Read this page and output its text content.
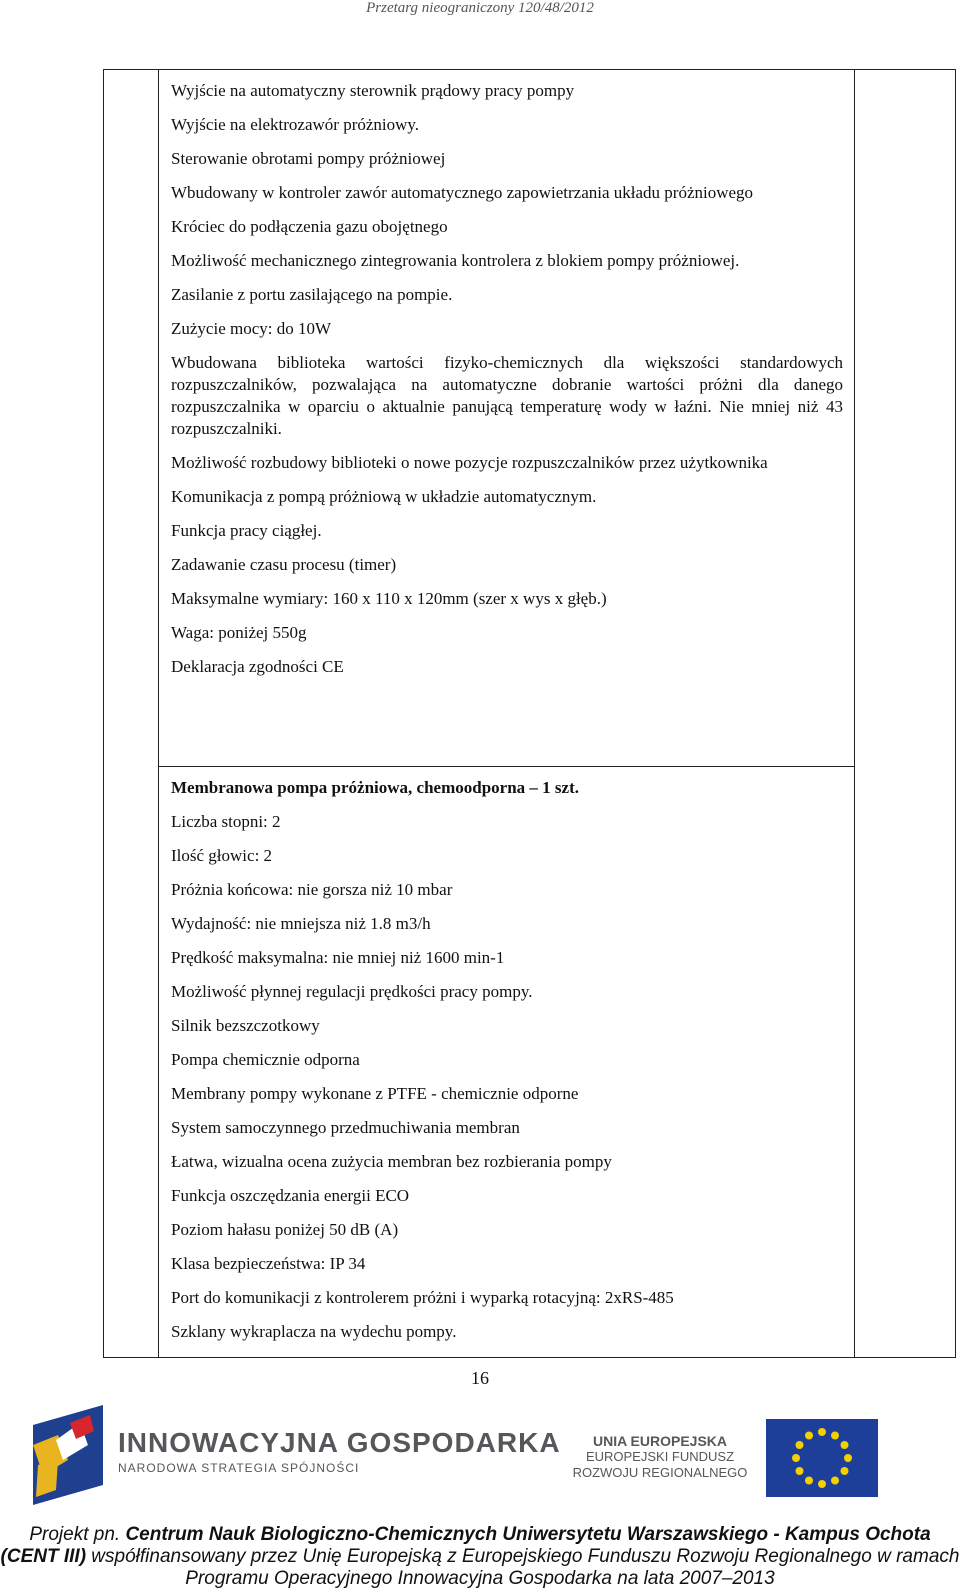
Przetarg nieograniczony 120/48/2012

Wyjście na automatyczny sterownik prądowy pracy pompy

Wyjście na elektrozawór próżniowy.

Sterowanie obrotami pompy próżniowej

Wbudowany w kontroler zawór automatycznego zapowietrzania układu próżniowego

Króciec do podłączenia gazu obojętnego

Możliwość mechanicznego zintegrowania kontrolera z blokiem pompy próżniowej.

Zasilanie z portu zasilającego na pompie.

Zużycie mocy: do 10W

Wbudowana biblioteka wartości fizyko-chemicznych dla większości standardowych rozpuszczalników, pozwalająca na automatyczne dobranie wartości próżni dla danego rozpuszczalnika w oparciu o aktualnie panującą temperaturę wody w łaźni. Nie mniej niż 43 rozpuszczalniki.

Możliwość rozbudowy biblioteki o nowe pozycje rozpuszczalników przez użytkownika

Komunikacja z pompą próżniową w układzie automatycznym.

Funkcja pracy ciągłej.

Zadawanie czasu procesu (timer)

Maksymalne wymiary: 160 x 110 x 120mm (szer x wys x głęb.)

Waga: poniżej 550g

Deklaracja zgodności CE

Membranowa pompa próżniowa, chemoodporna – 1 szt.

Liczba stopni: 2

Ilość głowic: 2

Próżnia końcowa: nie gorsza niż 10 mbar

Wydajność: nie mniejsza niż 1.8 m3/h

Prędkość maksymalna: nie mniej niż 1600 min-1

Możliwość płynnej regulacji prędkości pracy pompy.

Silnik bezszczotkowy

Pompa chemicznie odporna

Membrany pompy wykonane z PTFE - chemicznie odporne

System samoczynnego przedmuchiwania membran

Łatwa, wizualna ocena zużycia membran bez rozbierania pompy

Funkcja oszczędzania energii ECO

Poziom hałasu poniżej 50 dB (A)

Klasa bezpieczeństwa: IP 34

Port do komunikacji z kontrolerem próżni i wyparką rotacyjną: 2xRS-485

Szklany wykraplacza na wydechu pompy.

16
INNOWACYJNA GOSPODARKA
NARODOWA STRATEGIA SPÓJNOŚCI
UNIA EUROPEJSKA
EUROPEJSKI FUNDUSZ
ROZWOJU REGIONALNEGO
Projekt pn. Centrum Nauk Biologiczno-Chemicznych Uniwersytetu Warszawskiego - Kampus Ochota (CENT III) współfinansowany przez Unię Europejską z Europejskiego Funduszu Rozwoju Regionalnego w ramach Programu Operacyjnego Innowacyjna Gospodarka na lata 2007–2013
